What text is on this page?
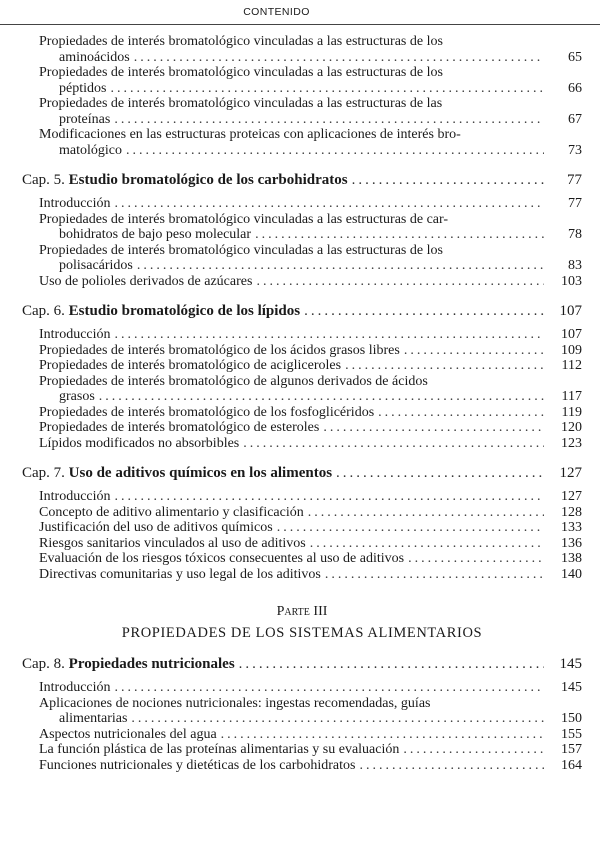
CONTENIDO
Propiedades de interés bromatológico vinculadas a las estructuras de los
aminoácidos .....	65
Propiedades de interés bromatológico vinculadas a las estructuras de los
péptidos .....	66
Propiedades de interés bromatológico vinculadas a las estructuras de las
proteínas .....	67
Modificaciones en las estructuras proteicas con aplicaciones de interés bro-
matológico .....	73
Cap. 5. Estudio bromatológico de los carbohidratos .....	77
Introducción .....	77
Propiedades de interés bromatológico vinculadas a las estructuras de car-
bohidratos de bajo peso molecular .....	78
Propiedades de interés bromatológico vinculadas a las estructuras de los
polisacáridos .....	83
Uso de polioles derivados de azúcares .....	103
Cap. 6. Estudio bromatológico de los lípidos .....	107
Introducción .....	107
Propiedades de interés bromatológico de los ácidos grasos libres .....	109
Propiedades de interés bromatológico de acigliceroles .....	112
Propiedades de interés bromatológico de algunos derivados de ácidos
grasos .....	117
Propiedades de interés bromatológico de los fosfoglicéridos .....	119
Propiedades de interés bromatológico de esteroles .....	120
Lípidos modificados no absorbibles .....	123
Cap. 7. Uso de aditivos químicos en los alimentos .....	127
Introducción .....	127
Concepto de aditivo alimentario y clasificación .....	128
Justificación del uso de aditivos químicos .....	133
Riesgos sanitarios vinculados al uso de aditivos .....	136
Evaluación de los riesgos tóxicos consecuentes al uso de aditivos .....	138
Directivas comunitarias y uso legal de los aditivos .....	140
Parte III
PROPIEDADES DE LOS SISTEMAS ALIMENTARIOS
Cap. 8. Propiedades nutricionales .....	145
Introducción .....	145
Aplicaciones de nociones nutricionales: ingestas recomendadas, guías
alimentarias .....	150
Aspectos nutricionales del agua .....	155
La función plástica de las proteínas alimentarias y su evaluación .....	157
Funciones nutricionales y dietéticas de los carbohidratos .....	164
